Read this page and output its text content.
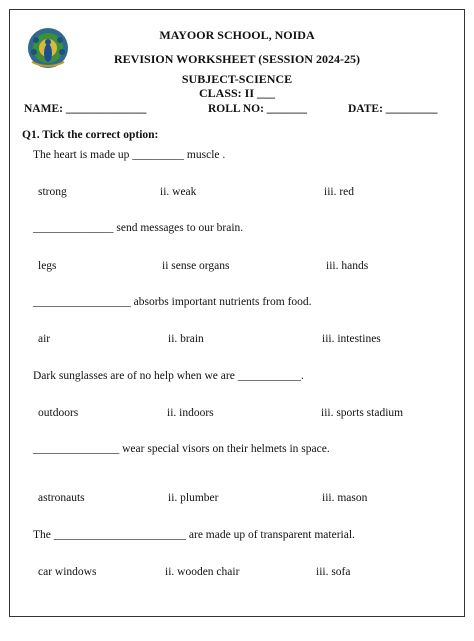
MAYOOR SCHOOL, NOIDA
REVISION WORKSHEET (SESSION 2024-25)
SUBJECT-SCIENCE
CLASS: II ___
NAME: ______________	ROLL NO: _______	DATE: _________
Q1. Tick the correct option:
The heart is made up _________ muscle .
strong	ii. weak	iii. red
______________ send messages to our brain.
legs	ii sense organs	iii. hands
_________________ absorbs important nutrients from food.
air	ii. brain	iii. intestines
Dark sunglasses are of no help when we are ___________.
outdoors	ii. indoors	iii. sports stadium
_______________ wear special visors on their helmets in space.
astronauts	ii. plumber	iii. mason
The _______________________ are made up of transparent material.
car windows	ii. wooden chair	iii. sofa
